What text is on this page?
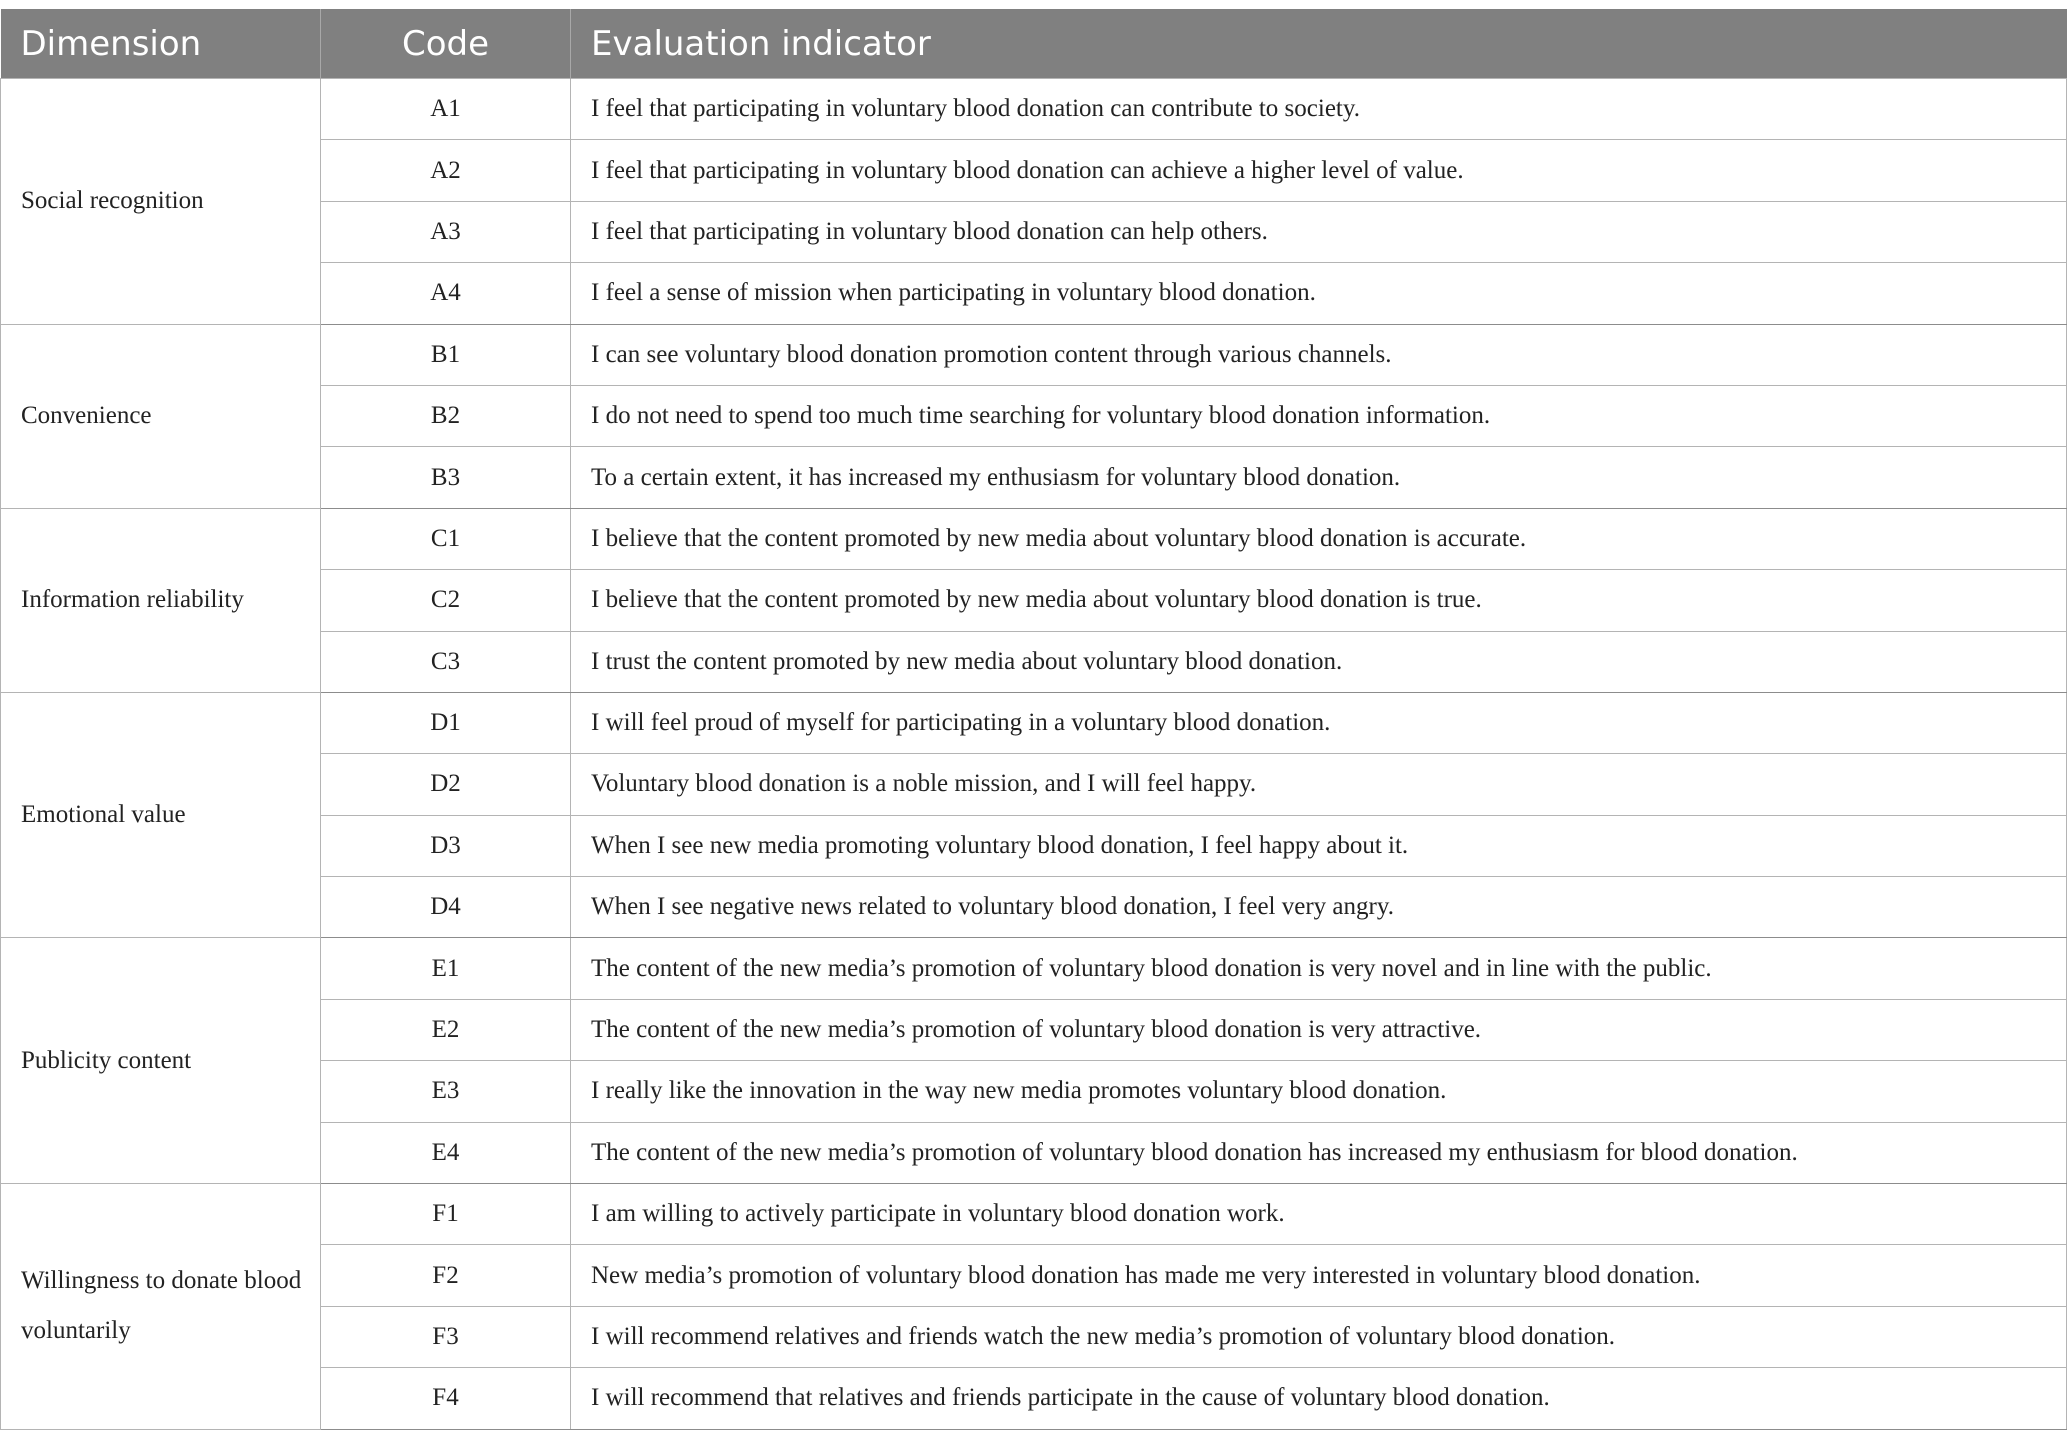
Dimension	Code	Evaluation indicator
Social recognition	A1	I feel that participating in voluntary blood donation can contribute to society.
	A2	I feel that participating in voluntary blood donation can achieve a higher level of value.
	A3	I feel that participating in voluntary blood donation can help others.
	A4	I feel a sense of mission when participating in voluntary blood donation.
Convenience	B1	I can see voluntary blood donation promotion content through various channels.
	B2	I do not need to spend too much time searching for voluntary blood donation information.
	B3	To a certain extent, it has increased my enthusiasm for voluntary blood donation.
Information reliability	C1	I believe that the content promoted by new media about voluntary blood donation is accurate.
	C2	I believe that the content promoted by new media about voluntary blood donation is true.
	C3	I trust the content promoted by new media about voluntary blood donation.
Emotional value	D1	I will feel proud of myself for participating in a voluntary blood donation.
	D2	Voluntary blood donation is a noble mission, and I will feel happy.
	D3	When I see new media promoting voluntary blood donation, I feel happy about it.
	D4	When I see negative news related to voluntary blood donation, I feel very angry.
Publicity content	E1	The content of the new media’s promotion of voluntary blood donation is very novel and in line with the public.
	E2	The content of the new media’s promotion of voluntary blood donation is very attractive.
	E3	I really like the innovation in the way new media promotes voluntary blood donation.
	E4	The content of the new media’s promotion of voluntary blood donation has increased my enthusiasm for blood donation.
Willingness to donate blood voluntarily	F1	I am willing to actively participate in voluntary blood donation work.
	F2	New media’s promotion of voluntary blood donation has made me very interested in voluntary blood donation.
	F3	I will recommend relatives and friends watch the new media’s promotion of voluntary blood donation.
	F4	I will recommend that relatives and friends participate in the cause of voluntary blood donation.
